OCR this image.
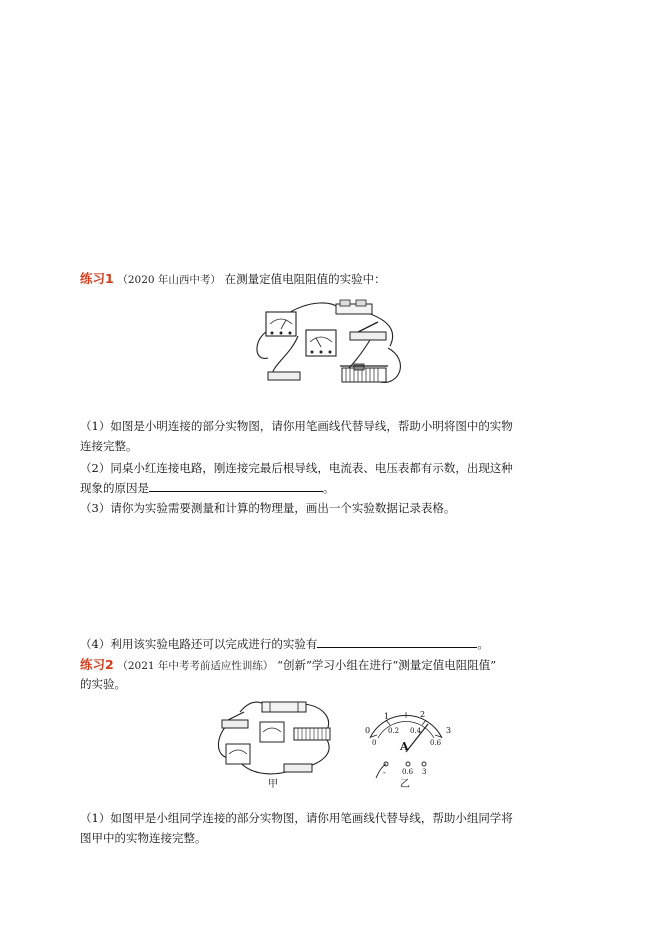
练习1 （2020 年山西中考） 在测量定值电阻阻值的实验中：
（1）如图是小明连接的部分实物图，请你用笔画线代替导线，帮助小明将图中的实物
连接完整。
（2）同桌小红连接电路，刚连接完最后根导线，电流表、电压表都有示数，出现这种
现象的原因是	。
（3）请你为实验需要测量和计算的物理量，画出一个实验数据记录表格。
（4）利用该实验电路还可以完成进行的实验有	。
练习2 （2021 年中考考前适应性训练） “创新”学习小组在进行“测量定值电阻阻值”
的实验。
甲
0
1	2
3
0
0.2 0.4
0.6
A
- 0.6 3
乙
（1）如图甲是小组同学连接的部分实物图，请你用笔画线代替导线，帮助小组同学将
图甲中的实物连接完整。
